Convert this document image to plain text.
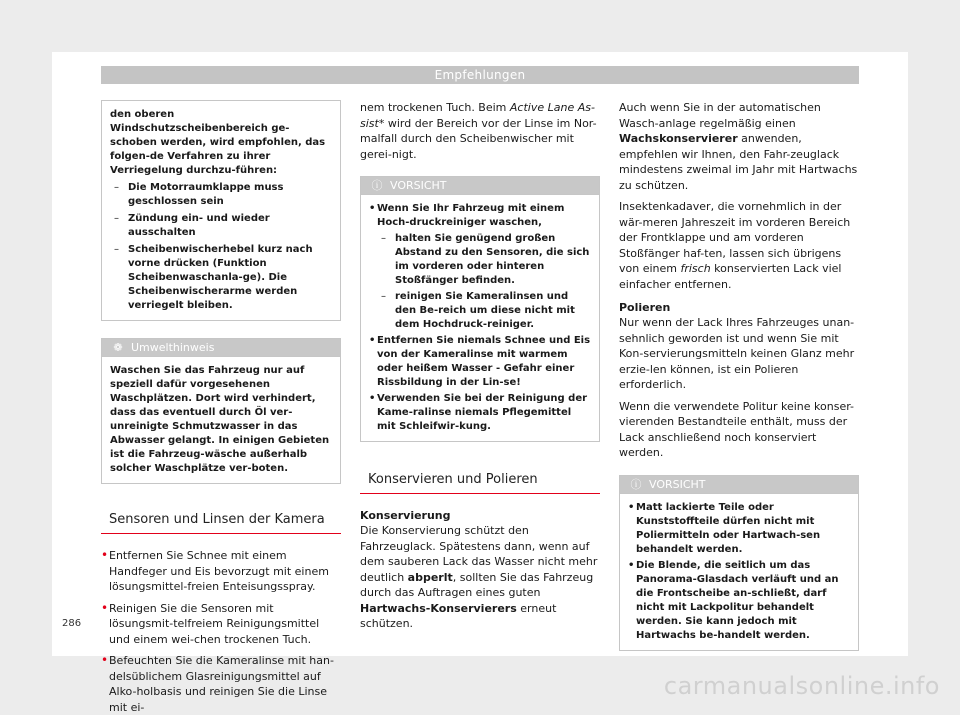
Empfehlungen
den oberen Windschutzscheibenbereich ge-schoben werden, wird empfohlen, das folgen-de Verfahren zu ihrer Verriegelung durchzu-führen:
– Die Motorraumklappe muss geschlossen sein
– Zündung ein- und wieder ausschalten
– Scheibenwischerhebel kurz nach vorne drücken (Funktion Scheibenwaschanla-ge). Die Scheibenwischerarme werden verriegelt bleiben.
❁ Umwelthinweis
Waschen Sie das Fahrzeug nur auf speziell dafür vorgesehenen Waschplätzen. Dort wird verhindert, dass das eventuell durch Öl ver-unreinigte Schmutzwasser in das Abwasser gelangt. In einigen Gebieten ist die Fahrzeug-wäsche außerhalb solcher Waschplätze ver-boten.
Sensoren und Linsen der Kamera

• Entfernen Sie Schnee mit einem Handfeger und Eis bevorzugt mit einem lösungsmittel-freien Enteisungsspray.

• Reinigen Sie die Sensoren mit lösungsmit-telfreiem Reinigungsmittel und einem wei-chen trockenen Tuch.

• Befeuchten Sie die Kameralinse mit han-delsüblichem Glasreinigungsmittel auf Alko-holbasis und reinigen Sie die Linse mit ei-

nem trockenen Tuch. Beim Active Lane As-sist* wird der Bereich vor der Linse im Nor-malfall durch den Scheibenwischer mit gerei-nigt.

ⓘ VORSICHT
• Wenn Sie Ihr Fahrzeug mit einem Hoch-druckreiniger waschen,
– halten Sie genügend großen Abstand zu den Sensoren, die sich im vorderen oder hinteren Stoßfänger befinden.
– reinigen Sie Kameralinsen und den Be-reich um diese nicht mit dem Hochdruck-reiniger.
• Entfernen Sie niemals Schnee und Eis von der Kameralinse mit warmem oder heißem Wasser - Gefahr einer Rissbildung in der Lin-se!
• Verwenden Sie bei der Reinigung der Kame-ralinse niemals Pflegemittel mit Schleifwir-kung.
Konservieren und Polieren
Konservierung

Die Konservierung schützt den Fahrzeuglack. Spätestens dann, wenn auf dem sauberen Lack das Wasser nicht mehr deutlich abperlt, sollten Sie das Fahrzeug durch das Auftragen eines guten Hartwachs-Konservierers erneut schützen.

Auch wenn Sie in der automatischen Wasch-anlage regelmäßig einen Wachskonservierer anwenden, empfehlen wir Ihnen, den Fahr-zeuglack mindestens zweimal im Jahr mit Hartwachs zu schützen.

Insektenkadaver, die vornehmlich in der wär-meren Jahreszeit im vorderen Bereich der Frontklappe und am vorderen Stoßfänger haf-ten, lassen sich übrigens von einem frisch konservierten Lack viel einfacher entfernen.

Polieren

Nur wenn der Lack Ihres Fahrzeuges unan-sehnlich geworden ist und wenn Sie mit Kon-servierungsmitteln keinen Glanz mehr erzie-len können, ist ein Polieren erforderlich.

Wenn die verwendete Politur keine konser-vierenden Bestandteile enthält, muss der Lack anschließend noch konserviert werden.

ⓘ VORSICHT
• Matt lackierte Teile oder Kunststoffteile dürfen nicht mit Poliermitteln oder Hartwach-sen behandelt werden.
• Die Blende, die seitlich um das Panorama-Glasdach verläuft und an die Frontscheibe an-schließt, darf nicht mit Lackpolitur behandelt werden. Sie kann jedoch mit Hartwachs be-handelt werden.
286
carmanualsonline.info
